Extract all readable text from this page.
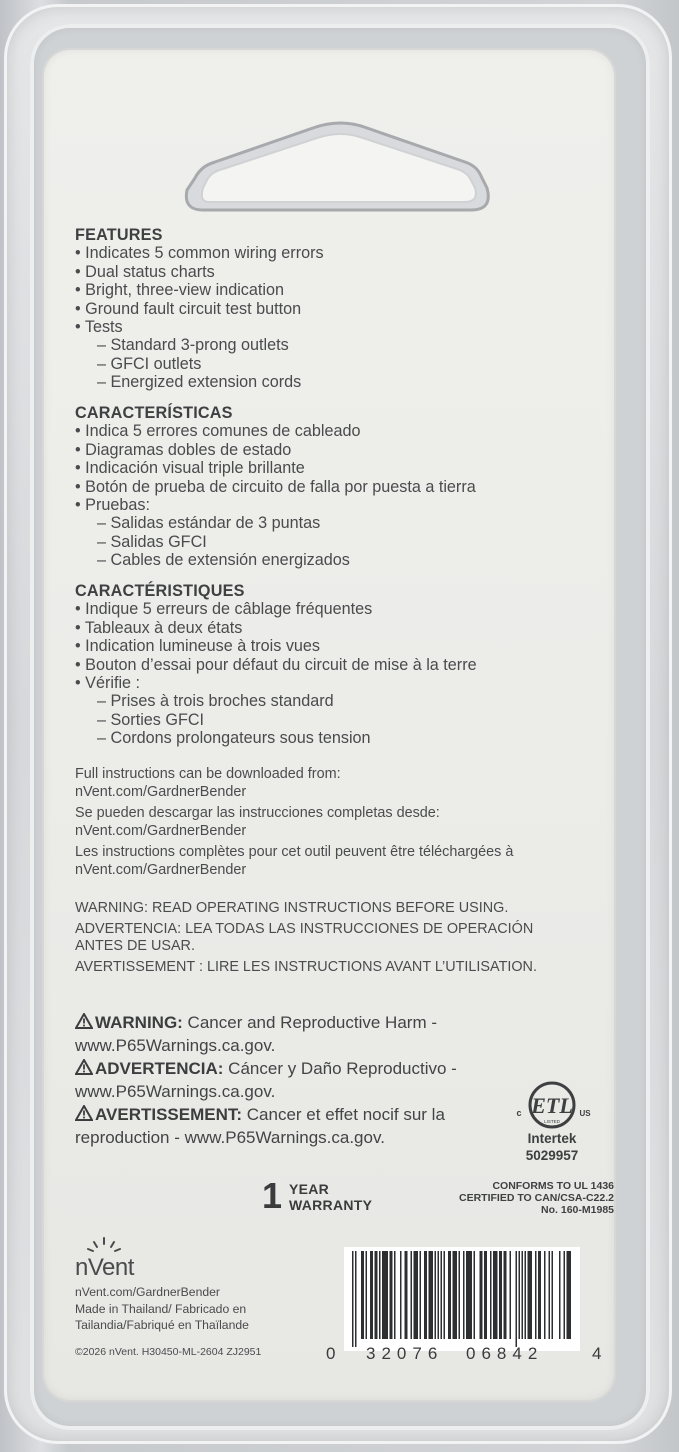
FEATURES
• Indicates 5 common wiring errors
• Dual status charts
• Bright, three-view indication
• Ground fault circuit test button
• Tests
– Standard 3-prong outlets
– GFCI outlets
– Energized extension cords
CARACTERÍSTICAS
• Indica 5 errores comunes de cableado
• Diagramas dobles de estado
• Indicación visual triple brillante
• Botón de prueba de circuito de falla por puesta a tierra
• Pruebas:
– Salidas estándar de 3 puntas
– Salidas GFCI
– Cables de extensión energizados
CARACTÉRISTIQUES
• Indique 5 erreurs de câblage fréquentes
• Tableaux à deux états
• Indication lumineuse à trois vues
• Bouton d’essai pour défaut du circuit de mise à la terre
• Vérifie :
– Prises à trois broches standard
– Sorties GFCI
– Cordons prolongateurs sous tension
Full instructions can be downloaded from:
nVent.com/GardnerBender
Se pueden descargar las instrucciones completas desde:
nVent.com/GardnerBender
Les instructions complètes pour cet outil peuvent être téléchargées à
nVent.com/GardnerBender
WARNING: READ OPERATING INSTRUCTIONS BEFORE USING.
ADVERTENCIA: LEA TODAS LAS INSTRUCCIONES DE OPERACIÓN
ANTES DE USAR.
AVERTISSEMENT : LIRE LES INSTRUCTIONS AVANT L’UTILISATION.
WARNING: Cancer and Reproductive Harm -
www.P65Warnings.ca.gov.
ADVERTENCIA: Cáncer y Daño Reproductivo -
www.P65Warnings.ca.gov.
AVERTISSEMENT: Cancer et effet nocif sur la
reproduction - www.P65Warnings.ca.gov.
ETL
LISTED
c	US
Intertek
5029957
1 YEAR
WARRANTY
CONFORMS TO UL 1436
CERTIFIED TO CAN/CSA-C22.2
No. 160-M1985
nVent
nVent.com/GardnerBender
Made in Thailand/ Fabricado en
Tailandia/Fabriqué en Thaïlande
©2026 nVent. H30450-ML-2604 ZJ2951	0 32076 06842	4
